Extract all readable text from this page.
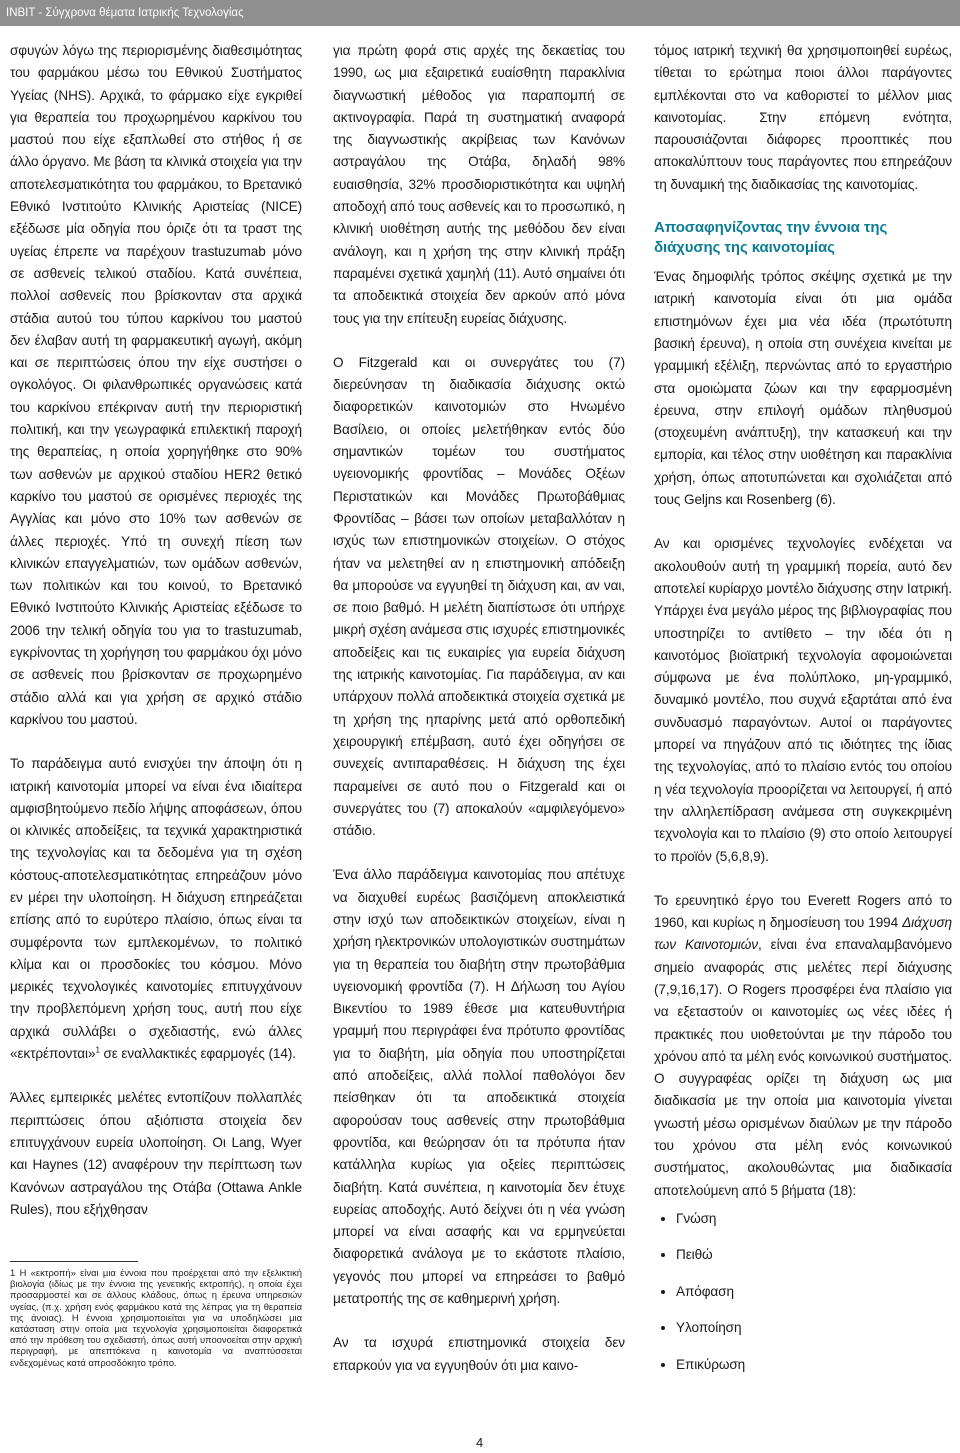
INBIT - Σύγχρονα θέματα Ιατρικής Τεχνολογίας

σφυγών λόγω της περιορισμένης διαθεσιμότητας του φαρμάκου μέσω του Εθνικού Συστήματος Υγείας (NHS). Αρχικά, το φάρμακο είχε εγκριθεί για θεραπεία του προχωρημένου καρκίνου του μαστού που είχε εξαπλωθεί στο στήθος ή σε άλλο όργανο. Με βάση τα κλινικά στοιχεία για την αποτελεσματικότητα του φαρμάκου, το Βρετανικό Εθνικό Ινστιτούτο Κλινικής Αριστείας (NICE) εξέδωσε μία οδηγία που όριζε ότι τα τραστ της υγείας έπρεπε να παρέχουν trastuzumab μόνο σε ασθενείς τελικού σταδίου. Κατά συνέπεια, πολλοί ασθενείς που βρίσκονταν στα αρχικά στάδια αυτού του τύπου καρκίνου του μαστού δεν έλαβαν αυτή τη φαρμακευτική αγωγή, ακόμη και σε περιπτώσεις όπου την είχε συστήσει ο ογκολόγος. Οι φιλανθρωπικές οργανώσεις κατά του καρκίνου επέκριναν αυτή την περιοριστική πολιτική, και την γεωγραφικά επιλεκτική παροχή της θεραπείας, η οποία χορηγήθηκε στο 90% των ασθενών με αρχικού σταδίου HER2 θετικό καρκίνο του μαστού σε ορισμένες περιοχές της Αγγλίας και μόνο στο 10% των ασθενών σε άλλες περιοχές. Υπό τη συνεχή πίεση των κλινικών επαγγελματιών, των ομάδων ασθενών, των πολιτικών και του κοινού, το Βρετανικό Εθνικό Ινστιτούτο Κλινικής Αριστείας εξέδωσε το 2006 την τελική οδηγία του για το trastuzumab, εγκρίνοντας τη χορήγηση του φαρμάκου όχι μόνο σε ασθενείς που βρίσκονταν σε προχωρημένο στάδιο αλλά και για χρήση σε αρχικό στάδιο καρκίνου του μαστού.

Το παράδειγμα αυτό ενισχύει την άποψη ότι η ιατρική καινοτομία μπορεί να είναι ένα ιδιαίτερα αμφισβητούμενο πεδίο λήψης αποφάσεων, όπου οι κλινικές αποδείξεις, τα τεχνικά χαρακτηριστικά της τεχνολογίας και τα δεδομένα για τη σχέση κόστους-αποτελεσματικότητας επηρεάζουν μόνο εν μέρει την υλοποίηση. Η διάχυση επηρεάζεται επίσης από το ευρύτερο πλαίσιο, όπως είναι τα συμφέροντα των εμπλεκομένων, το πολιτικό κλίμα και οι προσδοκίες του κόσμου. Μόνο μερικές τεχνολογικές καινοτομίες επιτυγχάνουν την προβλεπόμενη χρήση τους, αυτή που είχε αρχικά συλλάβει ο σχεδιαστής, ενώ άλλες «εκτρέπονται»$^1$ σε εναλλακτικές εφαρμογές (14).

Άλλες εμπειρικές μελέτες εντοπίζουν πολλαπλές περιπτώσεις όπου αξιόπιστα στοιχεία δεν επιτυγχάνουν ευρεία υλοποίηση. Οι Lang, Wyer και Haynes (12) αναφέρουν την περίπτωση των Κανόνων αστραγάλου της Οτάβα (Ottawa Ankle Rules), που εξήχθησαν

1 Η «εκτροπή» είναι μια έννοια που προέρχεται από την εξελικτική βιολογία (ιδίως με την έννοια της γενετικής εκτροπής), η οποία έχει προσαρμοστεί και σε άλλους κλάδους, όπως η έρευνα υπηρεσιών υγείας, (π.χ. χρήση ενός φαρμάκου κατά της λέπρας για τη θεραπεία της άνοιας). Η έννοια χρησιμοποιείται για να υποδηλώσει μια κατάσταση στην οποία μια τεχνολογία χρησιμοποιείται διαφορετικά από την πρόθεση του σχεδιαστή, όπως αυτή υποονοείται στην αρχική περιγραφή, με απεπτόκενα η καινοτομία να αναπτύσσεται ενδεχομένως κατά απροσδόκητο τρόπο.

για πρώτη φορά στις αρχές της δεκαετίας του 1990, ως μια εξαιρετικά ευαίσθητη παρακλίνια διαγνωστική μέθοδος για παραπομπή σε ακτινογραφία. Παρά τη συστηματική αναφορά της διαγνωστικής ακρίβειας των Κανόνων αστραγάλου της Οτάβα, δηλαδή 98% ευαισθησία, 32% προσδιοριστικότητα και υψηλή αποδοχή από τους ασθενείς και το προσωπικό, η κλινική υιοθέτηση αυτής της μεθόδου δεν είναι ανάλογη, και η χρήση της στην κλινική πράξη παραμένει σχετικά χαμηλή (11). Αυτό σημαίνει ότι τα αποδεικτικά στοιχεία δεν αρκούν από μόνα τους για την επίτευξη ευρείας διάχυσης.

Ο Fitzgerald και οι συνεργάτες του (7) διερεύνησαν τη διαδικασία διάχυσης οκτώ διαφορετικών καινοτομιών στο Ηνωμένο Βασίλειο, οι οποίες μελετήθηκαν εντός δύο σημαντικών τομέων του συστήματος υγειονομικής φροντίδας – Μονάδες Οξέων Περιστατικών και Μονάδες Πρωτοβάθμιας Φροντίδας – βάσει των οποίων μεταβαλλόταν η ισχύς των επιστημονικών στοιχείων. Ο στόχος ήταν να μελετηθεί αν η επιστημονική απόδειξη θα μπορούσε να εγγυηθεί τη διάχυση και, αν ναι, σε ποιο βαθμό. Η μελέτη διαπίστωσε ότι υπήρχε μικρή σχέση ανάμεσα στις ισχυρές επιστημονικές αποδείξεις και τις ευκαιρίες για ευρεία διάχυση της ιατρικής καινοτομίας. Για παράδειγμα, αν και υπάρχουν πολλά αποδεικτικά στοιχεία σχετικά με τη χρήση της ηπαρίνης μετά από ορθοπεδική χειρουργική επέμβαση, αυτό έχει οδηγήσει σε συνεχείς αντιπαραθέσεις. Η διάχυση της έχει παραμείνει σε αυτό που ο Fitzgerald και οι συνεργάτες του (7) αποκαλούν «αμφιλεγόμενο» στάδιο.

Ένα άλλο παράδειγμα καινοτομίας που απέτυχε να διαχυθεί ευρέως βασιζόμενη αποκλειστικά στην ισχύ των αποδεικτικών στοιχείων, είναι η χρήση ηλεκτρονικών υπολογιστικών συστημάτων για τη θεραπεία του διαβήτη στην πρωτοβάθμια υγειονομική φροντίδα (7). Η Δήλωση του Αγίου Βικεντίου το 1989 έθεσε μια κατευθυντήρια γραμμή που περιγράφει ένα πρότυπο φροντίδας για το διαβήτη, μία οδηγία που υποστηρίζεται από αποδείξεις, αλλά πολλοί παθολόγοι δεν πείσθηκαν ότι τα αποδεικτικά στοιχεία αφορούσαν τους ασθενείς στην πρωτοβάθμια φροντίδα, και θεώρησαν ότι τα πρότυπα ήταν κατάλληλα κυρίως για οξείες περιπτώσεις διαβήτη. Κατά συνέπεια, η καινοτομία δεν έτυχε ευρείας αποδοχής. Αυτό δείχνει ότι η νέα γνώση μπορεί να είναι ασαφής και να ερμηνεύεται διαφορετικά ανάλογα με το εκάστοτε πλαίσιο, γεγονός που μπορεί να επηρεάσει το βαθμό μετατροπής της σε καθημερινή χρήση.

Αν τα ισχυρά επιστημονικά στοιχεία δεν επαρκούν για να εγγυηθούν ότι μια καινο-

τόμος ιατρική τεχνική θα χρησιμοποιηθεί ευρέως, τίθεται το ερώτημα ποιοι άλλοι παράγοντες εμπλέκονται στο να καθοριστεί το μέλλον μιας καινοτομίας. Στην επόμενη ενότητα, παρουσιάζονται διάφορες προοπτικές που αποκαλύπτουν τους παράγοντες που επηρεάζουν τη δυναμική της διαδικασίας της καινοτομίας.

Αποσαφηνίζοντας την έννοια της διάχυσης της καινοτομίας

Ένας δημοφιλής τρόπος σκέψης σχετικά με την ιατρική καινοτομία είναι ότι μια ομάδα επιστημόνων έχει μια νέα ιδέα (πρωτότυπη βασική έρευνα), η οποία στη συνέχεια κινείται με γραμμική εξέλιξη, περνώντας από το εργαστήριο στα ομοιώματα ζώων και την εφαρμοσμένη έρευνα, στην επιλογή ομάδων πληθυσμού (στοχευμένη ανάπτυξη), την κατασκευή και την εμπορία, και τέλος στην υιοθέτηση και παρακλίνια χρήση, όπως αποτυπώνεται και σχολιάζεται από τους Geljns και Rosenberg (6).

Αν και ορισμένες τεχνολογίες ενδέχεται να ακολουθούν αυτή τη γραμμική πορεία, αυτό δεν αποτελεί κυρίαρχο μοντέλο διάχυσης στην Ιατρική. Υπάρχει ένα μεγάλο μέρος της βιβλιογραφίας που υποστηρίζει το αντίθετο – την ιδέα ότι η καινοτόμος βιοϊατρική τεχνολογία αφομοιώνεται σύμφωνα με ένα πολύπλοκο, μη-γραμμικό, δυναμικό μοντέλο, που συχνά εξαρτάται από ένα συνδυασμό παραγόντων. Αυτοί οι παράγοντες μπορεί να πηγάζουν από τις ιδιότητες της ίδιας της τεχνολογίας, από το πλαίσιο εντός του οποίου η νέα τεχνολογία προορίζεται να λειτουργεί, ή από την αλληλεπίδραση ανάμεσα στη συγκεκριμένη τεχνολογία και το πλαίσιο (9) στο οποίο λειτουργεί το προϊόν (5,6,8,9).

Το ερευνητικό έργο του Everett Rogers από το 1960, και κυρίως η δημοσίευση του 1994 Διάχυση των Καινοτομιών, είναι ένα επαναλαμβανόμενο σημείο αναφοράς στις μελέτες περί διάχυσης (7,9,16,17). Ο Rogers προσφέρει ένα πλαίσιο για να εξεταστούν οι καινοτομίες ως νέες ιδέες ή πρακτικές που υιοθετούνται με την πάροδο του χρόνου από τα μέλη ενός κοινωνικού συστήματος. Ο συγγραφέας ορίζει τη διάχυση ως μια διαδικασία με την οποία μια καινοτομία γίνεται γνωστή μέσω ορισμένων διαύλων με την πάροδο του χρόνου στα μέλη ενός κοινωνικού συστήματος, ακολουθώντας μια διαδικασία αποτελούμενη από 5 βήματα (18):

• Γνώση
• Πειθώ
• Απόφαση
• Υλοποίηση
• Επικύρωση
4
